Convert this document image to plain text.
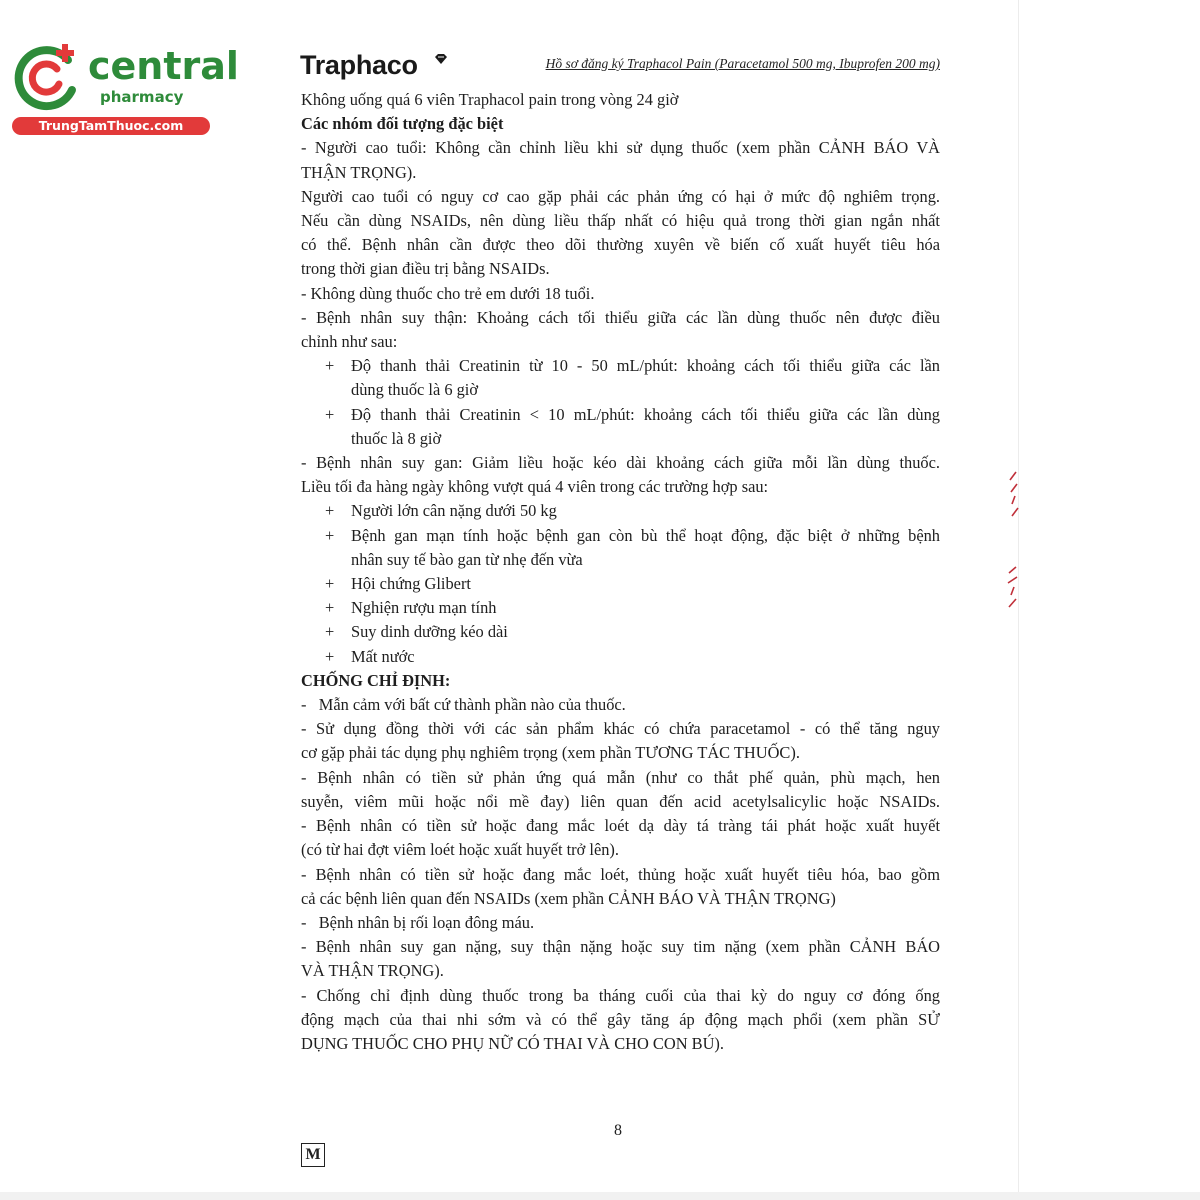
central
pharmacy
TrungTamThuoc.com
Traphaco	Hồ sơ đăng ký Traphacol Pain (Paracetamol 500 mg, Ibuprofen 200 mg)
Không uống quá 6 viên Traphacol pain trong vòng 24 giờ
Các nhóm đối tượng đặc biệt
- Người cao tuổi: Không cần chỉnh liều khi sử dụng thuốc (xem phần CẢNH BÁO VÀ
THẬN TRỌNG).
Người cao tuổi có nguy cơ cao gặp phải các phản ứng có hại ở mức độ nghiêm trọng.
Nếu cần dùng NSAIDs, nên dùng liều thấp nhất có hiệu quả trong thời gian ngắn nhất
có thể. Bệnh nhân cần được theo dõi thường xuyên về biến cố xuất huyết tiêu hóa
trong thời gian điều trị bằng NSAIDs.
- Không dùng thuốc cho trẻ em dưới 18 tuổi.
- Bệnh nhân suy thận: Khoảng cách tối thiểu giữa các lần dùng thuốc nên được điều
chỉnh như sau:
+ Độ thanh thải Creatinin từ 10 - 50 mL/phút: khoảng cách tối thiểu giữa các lần
dùng thuốc là 6 giờ
+ Độ thanh thải Creatinin < 10 mL/phút: khoảng cách tối thiểu giữa các lần dùng
thuốc là 8 giờ
- Bệnh nhân suy gan: Giảm liều hoặc kéo dài khoảng cách giữa mỗi lần dùng thuốc.
Liều tối đa hàng ngày không vượt quá 4 viên trong các trường hợp sau:
+ Người lớn cân nặng dưới 50 kg
+ Bệnh gan mạn tính hoặc bệnh gan còn bù thể hoạt động, đặc biệt ở những bệnh
nhân suy tế bào gan từ nhẹ đến vừa
+ Hội chứng Glibert
+ Nghiện rượu mạn tính
+ Suy dinh dưỡng kéo dài
+ Mất nước
CHỐNG CHỈ ĐỊNH:
-   Mẫn cảm với bất cứ thành phần nào của thuốc.
- Sử dụng đồng thời với các sản phẩm khác có chứa paracetamol - có thể tăng nguy
cơ gặp phải tác dụng phụ nghiêm trọng (xem phần TƯƠNG TÁC THUỐC).
- Bệnh nhân có tiền sử phản ứng quá mẫn (như co thắt phế quản, phù mạch, hen
suyễn, viêm mũi hoặc nổi mề đay) liên quan đến acid acetylsalicylic hoặc NSAIDs.
- Bệnh nhân có tiền sử hoặc đang mắc loét dạ dày tá tràng tái phát hoặc xuất huyết
(có từ hai đợt viêm loét hoặc xuất huyết trở lên).
- Bệnh nhân có tiền sử hoặc đang mắc loét, thủng hoặc xuất huyết tiêu hóa, bao gồm
cả các bệnh liên quan đến NSAIDs (xem phần CẢNH BÁO VÀ THẬN TRỌNG)
-   Bệnh nhân bị rối loạn đông máu.
- Bệnh nhân suy gan nặng, suy thận nặng hoặc suy tim nặng (xem phần CẢNH BÁO
VÀ THẬN TRỌNG).
- Chống chỉ định dùng thuốc trong ba tháng cuối của thai kỳ do nguy cơ đóng ống
động mạch của thai nhi sớm và có thể gây tăng áp động mạch phổi (xem phần SỬ
DỤNG THUỐC CHO PHỤ NỮ CÓ THAI VÀ CHO CON BÚ).
8
M
